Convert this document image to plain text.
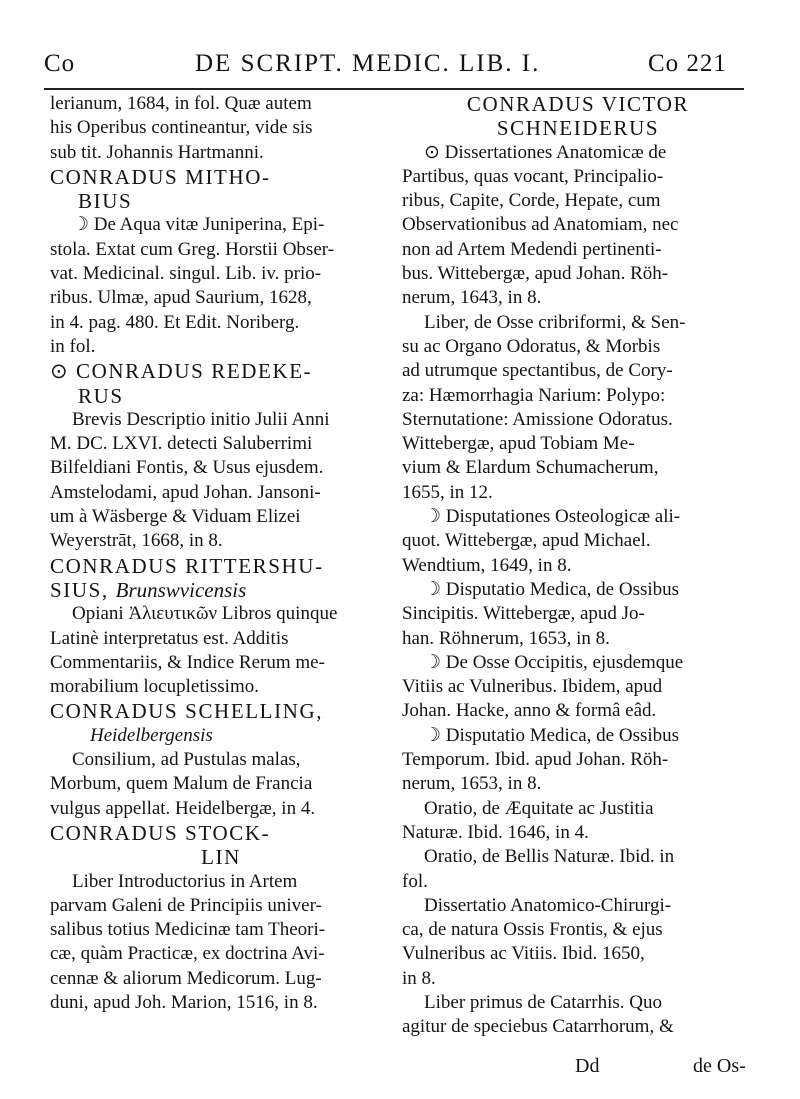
Co	DE SCRIPT. MEDIC. LIB. I.	Co 221
lerianum, 1684, in fol. Quæ autem
his Operibus contineantur, vide sis
sub tit. Johannis Hartmanni.
CONRADUS MITHO-
BIUS
☽ De Aqua vitæ Juniperina, Epi-
stola. Extat cum Greg. Horstii Obser-
vat. Medicinal. singul. Lib. iv. prio-
ribus. Ulmæ, apud Saurium, 1628,
in 4. pag. 480. Et Edit. Noriberg.
in fol.
⊙ CONRADUS REDEKE-
RUS
Brevis Descriptio initio Julii Anni
M. DC. LXVI. detecti Saluberrimi
Bilfeldiani Fontis, & Usus ejusdem.
Amstelodami, apud Johan. Jansoni-
um à Wäsberge & Viduam Elizei
Weyerstrāt, 1668, in 8.
CONRADUS RITTERSHU-
SIUS, Brunswvicensis
Opiani Ἀλιευτικῶν Libros quinque
Latinè interpretatus est. Additis
Commentariis, & Indice Rerum me-
morabilium locupletissimo.
CONRADUS SCHELLING,
Heidelbergensis
Consilium, ad Pustulas malas,
Morbum, quem Malum de Francia
vulgus appellat. Heidelbergæ, in 4.
CONRADUS STOCK-
LIN
Liber Introductorius in Artem
parvam Galeni de Principiis univer-
salibus totius Medicinæ tam Theori-
cæ, quàm Practicæ, ex doctrina Avi-
cennæ & aliorum Medicorum. Lug-
duni, apud Joh. Marion, 1516, in 8.
CONRADUS VICTOR
SCHNEIDERUS
⊙ Dissertationes Anatomicæ de
Partibus, quas vocant, Principalio-
ribus, Capite, Corde, Hepate, cum
Observationibus ad Anatomiam, nec
non ad Artem Medendi pertinenti-
bus. Wittebergæ, apud Johan. Röh-
nerum, 1643, in 8.
Liber, de Osse cribriformi, & Sen-
su ac Organo Odoratus, & Morbis
ad utrumque spectantibus, de Cory-
za: Hæmorrhagia Narium: Polypo:
Sternutatione: Amissione Odoratus.
Wittebergæ, apud Tobiam Me-
vium & Elardum Schumacherum,
1655, in 12.
☽ Disputationes Osteologicæ ali-
quot. Wittebergæ, apud Michael.
Wendtium, 1649, in 8.
☽ Disputatio Medica, de Ossibus
Sincipitis. Wittebergæ, apud Jo-
han. Röhnerum, 1653, in 8.
☽ De Osse Occipitis, ejusdemque
Vitiis ac Vulneribus. Ibidem, apud
Johan. Hacke, anno & formâ eâd.
☽ Disputatio Medica, de Ossibus
Temporum. Ibid. apud Johan. Röh-
nerum, 1653, in 8.
Oratio, de Æquitate ac Justitia
Naturæ. Ibid. 1646, in 4.
Oratio, de Bellis Naturæ. Ibid. in
fol.
Dissertatio Anatomico-Chirurgi-
ca, de natura Ossis Frontis, & ejus
Vulneribus ac Vitiis. Ibid. 1650,
in 8.
Liber primus de Catarrhis. Quo
agitur de speciebus Catarrhorum, &
Dd	de Os-
